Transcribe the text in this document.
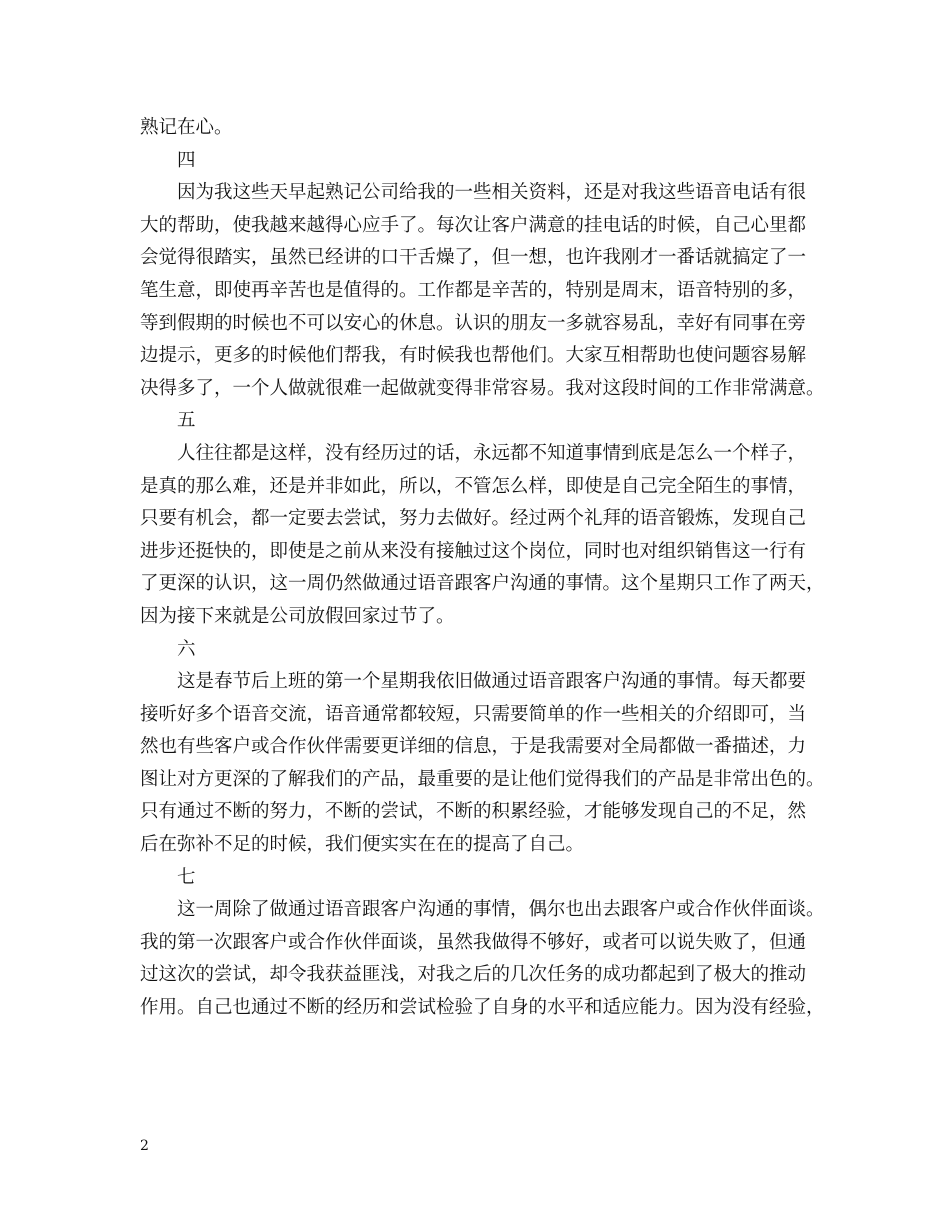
熟记在心。
四
因为我这些天早起熟记公司给我的一些相关资料，还是对我这些语音电话有很
大的帮助，使我越来越得心应手了。每次让客户满意的挂电话的时候，自己心里都
会觉得很踏实，虽然已经讲的口干舌燥了，但一想，也许我刚才一番话就搞定了一
笔生意，即使再辛苦也是值得的。工作都是辛苦的，特别是周末，语音特别的多，
等到假期的时候也不可以安心的休息。认识的朋友一多就容易乱，幸好有同事在旁
边提示，更多的时候他们帮我，有时候我也帮他们。大家互相帮助也使问题容易解
决得多了，一个人做就很难一起做就变得非常容易。我对这段时间的工作非常满意。
五
人往往都是这样，没有经历过的话，永远都不知道事情到底是怎么一个样子，
是真的那么难，还是并非如此，所以，不管怎么样，即使是自己完全陌生的事情，
只要有机会，都一定要去尝试，努力去做好。经过两个礼拜的语音锻炼，发现自己
进步还挺快的，即使是之前从来没有接触过这个岗位，同时也对组织销售这一行有
了更深的认识，这一周仍然做通过语音跟客户沟通的事情。这个星期只工作了两天，
因为接下来就是公司放假回家过节了。
六
这是春节后上班的第一个星期我依旧做通过语音跟客户沟通的事情。每天都要
接听好多个语音交流，语音通常都较短，只需要简单的作一些相关的介绍即可，当
然也有些客户或合作伙伴需要更详细的信息，于是我需要对全局都做一番描述，力
图让对方更深的了解我们的产品，最重要的是让他们觉得我们的产品是非常出色的。
只有通过不断的努力，不断的尝试，不断的积累经验，才能够发现自己的不足，然
后在弥补不足的时候，我们便实实在在的提高了自己。
七
这一周除了做通过语音跟客户沟通的事情，偶尔也出去跟客户或合作伙伴面谈。
我的第一次跟客户或合作伙伴面谈，虽然我做得不够好，或者可以说失败了，但通
过这次的尝试，却令我获益匪浅，对我之后的几次任务的成功都起到了极大的推动
作用。自己也通过不断的经历和尝试检验了自身的水平和适应能力。因为没有经验，
2
